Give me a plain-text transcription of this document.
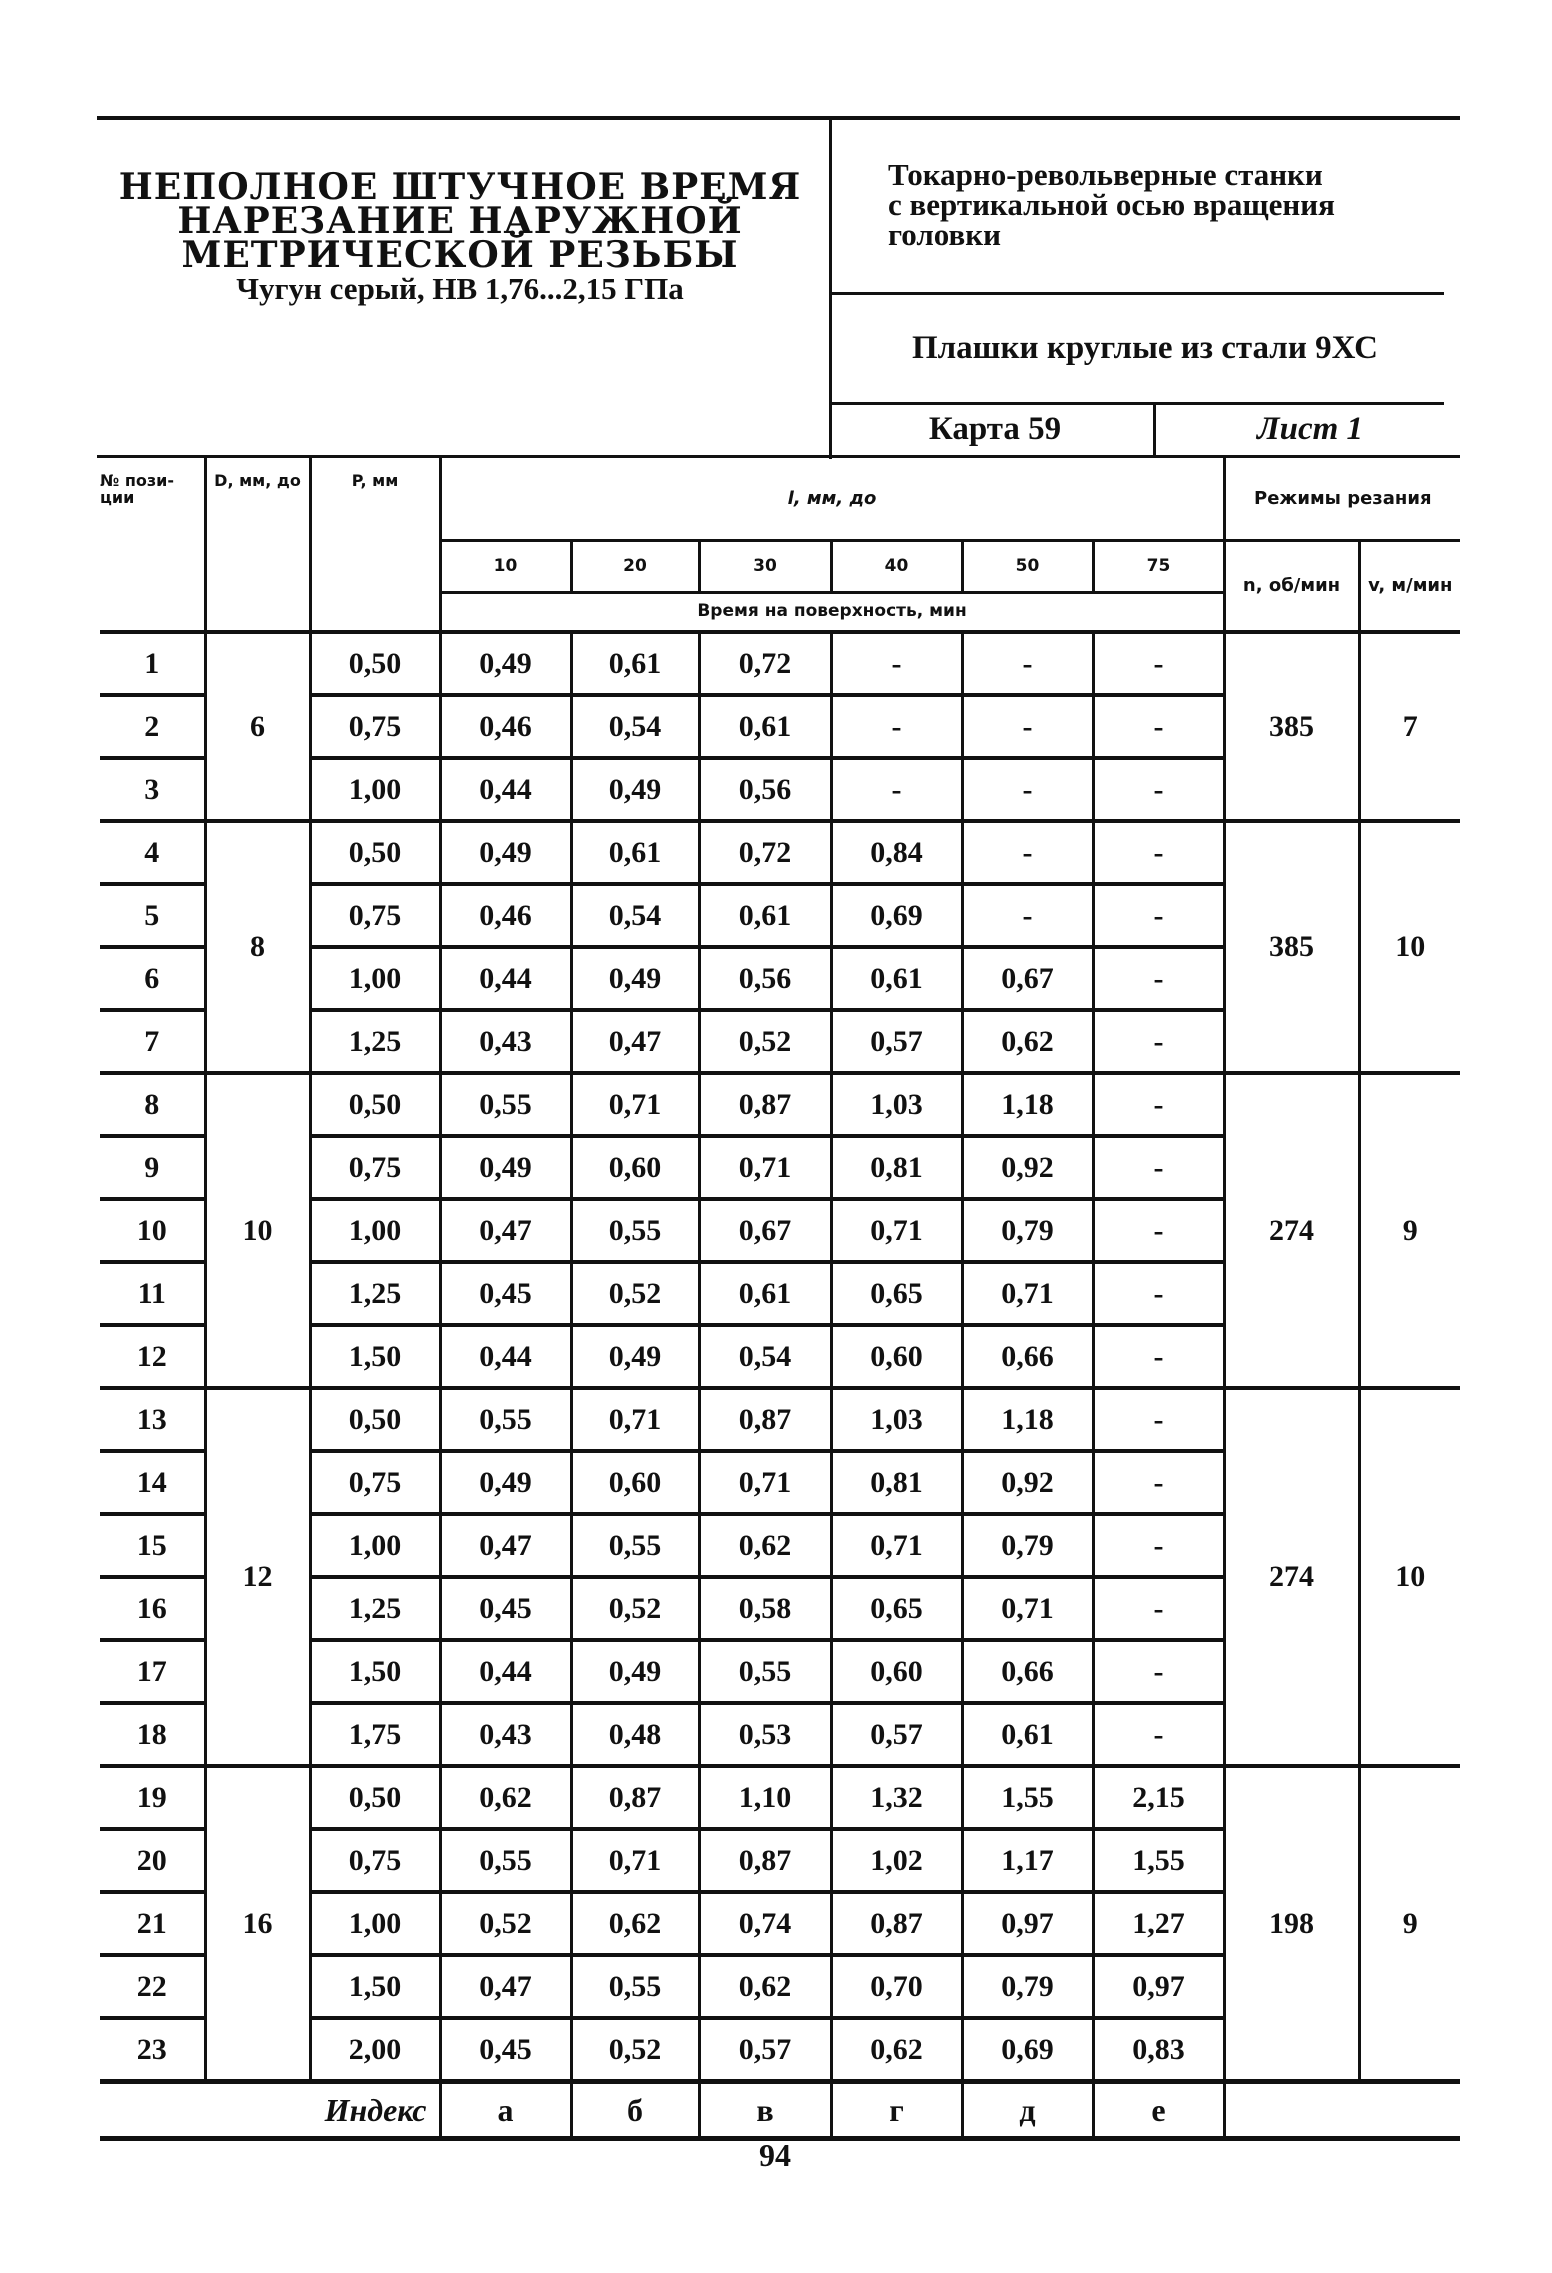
НЕПОЛНОЕ ШТУЧНОЕ ВРЕМЯ
НАРЕЗАНИЕ НАРУЖНОЙ
МЕТРИЧЕСКОЙ РЕЗЬБЫ
Чугун серый, НВ 1,76...2,15 ГПа
Токарно-револьверные станки
с вертикальной осью вращения
головки
Плашки круглые из стали 9ХС
Карта 59	Лист 1
№ пози- ции	D, мм, до	P, мм	l, мм, до						Режимы резания	
			10	20	30	40	50	75	n, об/мин	v, м/мин
			Время на поверхность, мин							
1	6	0,50	0,49	0,61	0,72	-	-	-	385	7
2		0,75	0,46	0,54	0,61	-	-	-		
3		1,00	0,44	0,49	0,56	-	-	-		
4	8	0,50	0,49	0,61	0,72	0,84	-	-	385	10
5		0,75	0,46	0,54	0,61	0,69	-	-		
6		1,00	0,44	0,49	0,56	0,61	0,67	-		
7		1,25	0,43	0,47	0,52	0,57	0,62	-		
8	10	0,50	0,55	0,71	0,87	1,03	1,18	-	274	9
9		0,75	0,49	0,60	0,71	0,81	0,92	-		
10		1,00	0,47	0,55	0,67	0,71	0,79	-		
11		1,25	0,45	0,52	0,61	0,65	0,71	-		
12		1,50	0,44	0,49	0,54	0,60	0,66	-		
13	12	0,50	0,55	0,71	0,87	1,03	1,18	-	274	10
14		0,75	0,49	0,60	0,71	0,81	0,92	-		
15		1,00	0,47	0,55	0,62	0,71	0,79	-		
16		1,25	0,45	0,52	0,58	0,65	0,71	-		
17		1,50	0,44	0,49	0,55	0,60	0,66	-		
18		1,75	0,43	0,48	0,53	0,57	0,61	-		
19	16	0,50	0,62	0,87	1,10	1,32	1,55	2,15	198	9
20		0,75	0,55	0,71	0,87	1,02	1,17	1,55		
21		1,00	0,52	0,62	0,74	0,87	0,97	1,27		
22		1,50	0,47	0,55	0,62	0,70	0,79	0,97		
23		2,00	0,45	0,52	0,57	0,62	0,69	0,83		
Индекс			а	б	в	г	д	е		
94
